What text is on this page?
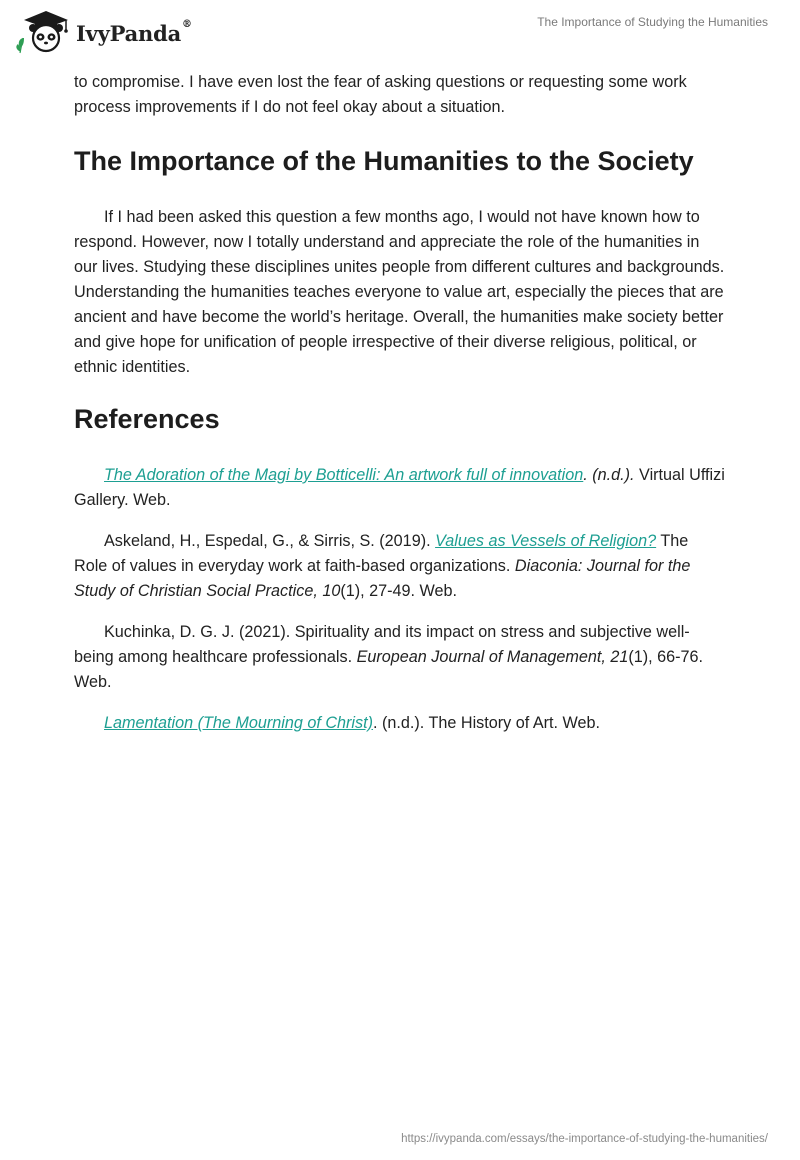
IvyPanda®	The Importance of Studying the Humanities

to compromise. I have even lost the fear of asking questions or requesting some work process improvements if I do not feel okay about a situation.

The Importance of the Humanities to the Society

If I had been asked this question a few months ago, I would not have known how to respond. However, now I totally understand and appreciate the role of the humanities in our lives. Studying these disciplines unites people from different cultures and backgrounds. Understanding the humanities teaches everyone to value art, especially the pieces that are ancient and have become the world’s heritage. Overall, the humanities make society better and give hope for unification of people irrespective of their diverse religious, political, or ethnic identities.

References

The Adoration of the Magi by Botticelli: An artwork full of innovation. (n.d.). Virtual Uffizi Gallery. Web.

Askeland, H., Espedal, G., & Sirris, S. (2019). Values as Vessels of Religion? The Role of values in everyday work at faith-based organizations. Diaconia: Journal for the Study of Christian Social Practice, 10(1), 27-49. Web.

Kuchinka, D. G. J. (2021). Spirituality and its impact on stress and subjective well-being among healthcare professionals. European Journal of Management, 21(1), 66-76. Web.

Lamentation (The Mourning of Christ). (n.d.). The History of Art. Web.

https://ivypanda.com/essays/the-importance-of-studying-the-humanities/
